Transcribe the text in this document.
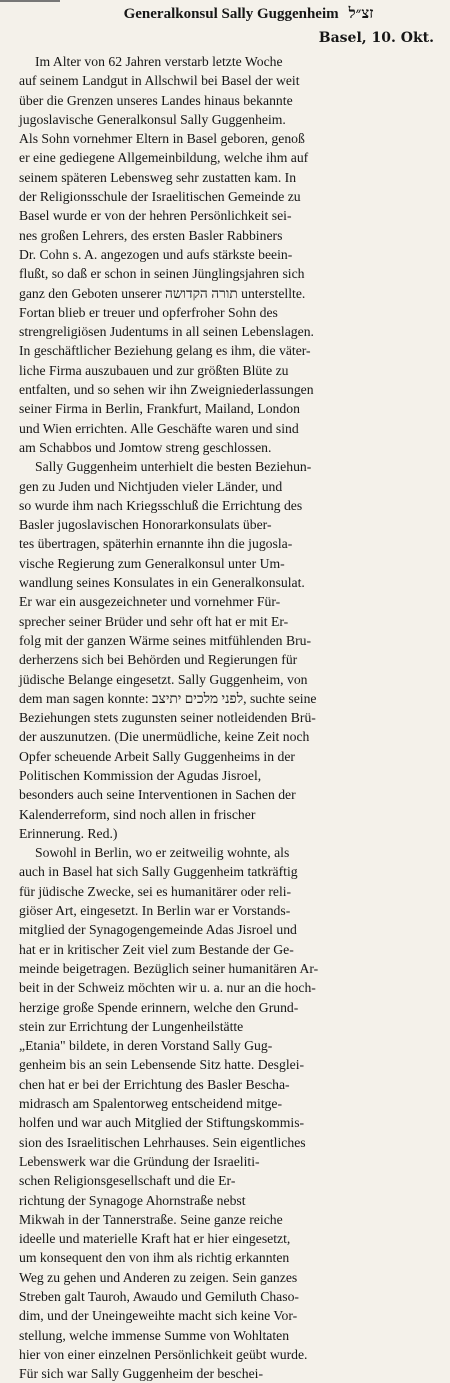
Generalkonsul Sally Guggenheim זצ״ל
Basel, 10. Okt.

Im Alter von 62 Jahren verstarb letzte Woche
auf seinem Landgut in Allschwil bei Basel der weit
über die Grenzen unseres Landes hinaus bekannte
jugoslavische Generalkonsul Sally Guggenheim.
Als Sohn vornehmer Eltern in Basel geboren, genoß
er eine gediegene Allgemeinbildung, welche ihm auf
seinem späteren Lebensweg sehr zustatten kam. In
der Religionsschule der Israelitischen Gemeinde zu
Basel wurde er von der hehren Persönlichkeit sei-
nes großen Lehrers, des ersten Basler Rabbiners
Dr. Cohn s. A. angezogen und aufs stärkste beein-
flußt, so daß er schon in seinen Jünglingsjahren sich
ganz den Geboten unserer תורה הקדושה unterstellte.
Fortan blieb er treuer und opferfroher Sohn des
strengreligiösen Judentums in all seinen Lebenslagen.
In geschäftlicher Beziehung gelang es ihm, die väter-
liche Firma auszubauen und zur größten Blüte zu
entfalten, und so sehen wir ihn Zweigniederlassungen
seiner Firma in Berlin, Frankfurt, Mailand, London
und Wien errichten. Alle Geschäfte waren und sind
am Schabbos und Jomtow streng geschlossen.

Sally Guggenheim unterhielt die besten Beziehun-
gen zu Juden und Nichtjuden vieler Länder, und
so wurde ihm nach Kriegsschluß die Errichtung des
Basler jugoslavischen Honorarkonsulats über-
tes übertragen, späterhin ernannte ihn die jugosla-
vische Regierung zum Generalkonsul unter Um-
wandlung seines Konsulates in ein Generalkonsulat.
Er war ein ausgezeichneter und vornehmer Für-
sprecher seiner Brüder und sehr oft hat er mit Er-
folg mit der ganzen Wärme seines mitfühlenden Bru-
derherzens sich bei Behörden und Regierungen für
jüdische Belange eingesetzt. Sally Guggenheim, von
dem man sagen konnte: לפני מלכים יתיצב, suchte seine
Beziehungen stets zugunsten seiner notleidenden Brü-
der auszunutzen. (Die unermüdliche, keine Zeit noch
Opfer scheuende Arbeit Sally Guggenheims in der
Politischen Kommission der Agudas Jisroel,
besonders auch seine Interventionen in Sachen der
Kalenderreform, sind noch allen in frischer
Erinnerung. Red.)

Sowohl in Berlin, wo er zeitweilig wohnte, als
auch in Basel hat sich Sally Guggenheim tatkräftig
für jüdische Zwecke, sei es humanitärer oder reli-
giöser Art, eingesetzt. In Berlin war er Vorstands-
mitglied der Synagogengemeinde Adas Jisroel und
hat er in kritischer Zeit viel zum Bestande der Ge-
meinde beigetragen. Bezüglich seiner humanitären Ar-
beit in der Schweiz möchten wir u. a. nur an die hoch-
herzige große Spende erinnern, welche den Grund-
stein zur Errichtung der Lungenheilstätte
„Etania" bildete, in deren Vorstand Sally Gug-
genheim bis an sein Lebensende Sitz hatte. Desglei-
chen hat er bei der Errichtung des Basler Bescha-
midrasch am Spalentorweg entscheidend mitge-
holfen und war auch Mitglied der Stiftungskommis-
sion des Israelitischen Lehrhauses. Sein eigentliches
Lebenswerk war die Gründung der Israeliti-
schen Religionsgesellschaft und die Er-
richtung der Synagoge Ahornstraße nebst
Mikwah in der Tannerstraße. Seine ganze reiche
ideelle und materielle Kraft hat er hier eingesetzt,
um konsequent den von ihm als richtig erkannten
Weg zu gehen und Anderen zu zeigen. Sein ganzes
Streben galt Tauroh, Awaudo und Gemiluth Chaso-
dim, und der Uneingeweihte macht sich keine Vor-
stellung, welche immense Summe von Wohltaten
hier von einer einzelnen Persönlichkeit geübt wurde.
Für sich war Sally Guggenheim der beschei-
